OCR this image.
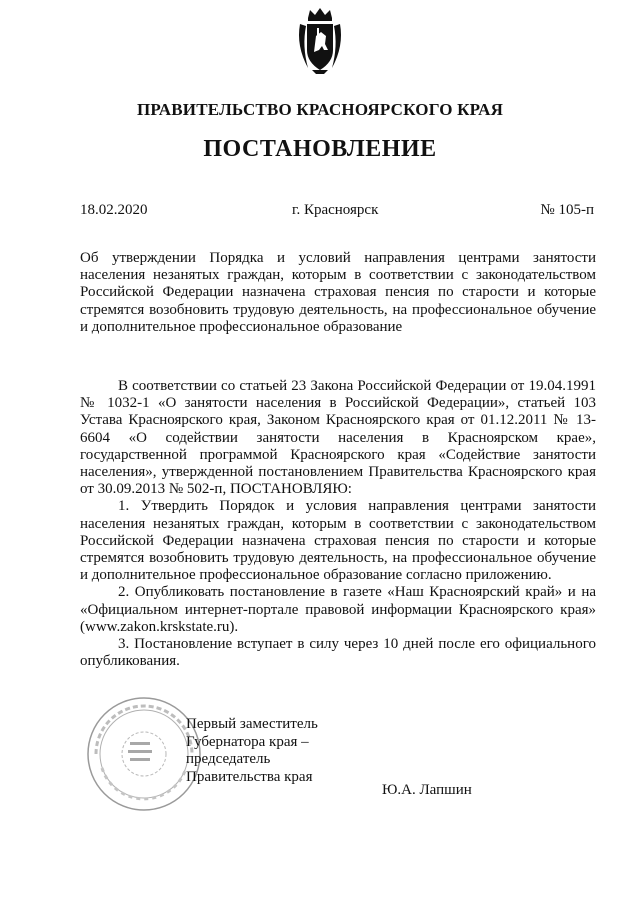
ПРАВИТЕЛЬСТВО КРАСНОЯРСКОГО КРАЯ
ПОСТАНОВЛЕНИЕ
18.02.2020	г. Красноярск	№ 105-п
Об утверждении Порядка и условий направления центрами занятости населения незанятых граждан, которым в соответствии с законодательством Российской Федерации назначена страховая пенсия по старости и которые стремятся возобновить трудовую деятельность, на профессиональное обучение и дополнительное профессиональное образование

В соответствии со статьей 23 Закона Российской Федерации от 19.04.1991 № 1032-1 «О занятости населения в Российской Федерации», статьей 103 Устава Красноярского края, Законом Красноярского края от 01.12.2011 № 13-6604 «О содействии занятости населения в Красноярском крае», государственной программой Красноярского края «Содействие занятости населения», утвержденной постановлением Правительства Красноярского края от 30.09.2013 № 502-п, ПОСТАНОВЛЯЮ:

1. Утвердить Порядок и условия направления центрами занятости населения незанятых граждан, которым в соответствии с законодательством Российской Федерации назначена страховая пенсия по старости и которые стремятся возобновить трудовую деятельность, на профессиональное обучение и дополнительное профессиональное образование согласно приложению.

2. Опубликовать постановление в газете «Наш Красноярский край» и на «Официальном интернет-портале правовой информации Красноярского края» (www.zakon.krskstate.ru).

3. Постановление вступает в силу через 10 дней после его официального опубликования.

Первый заместитель
Губернатора края –
председатель
Правительства края
Ю.А. Лапшин
